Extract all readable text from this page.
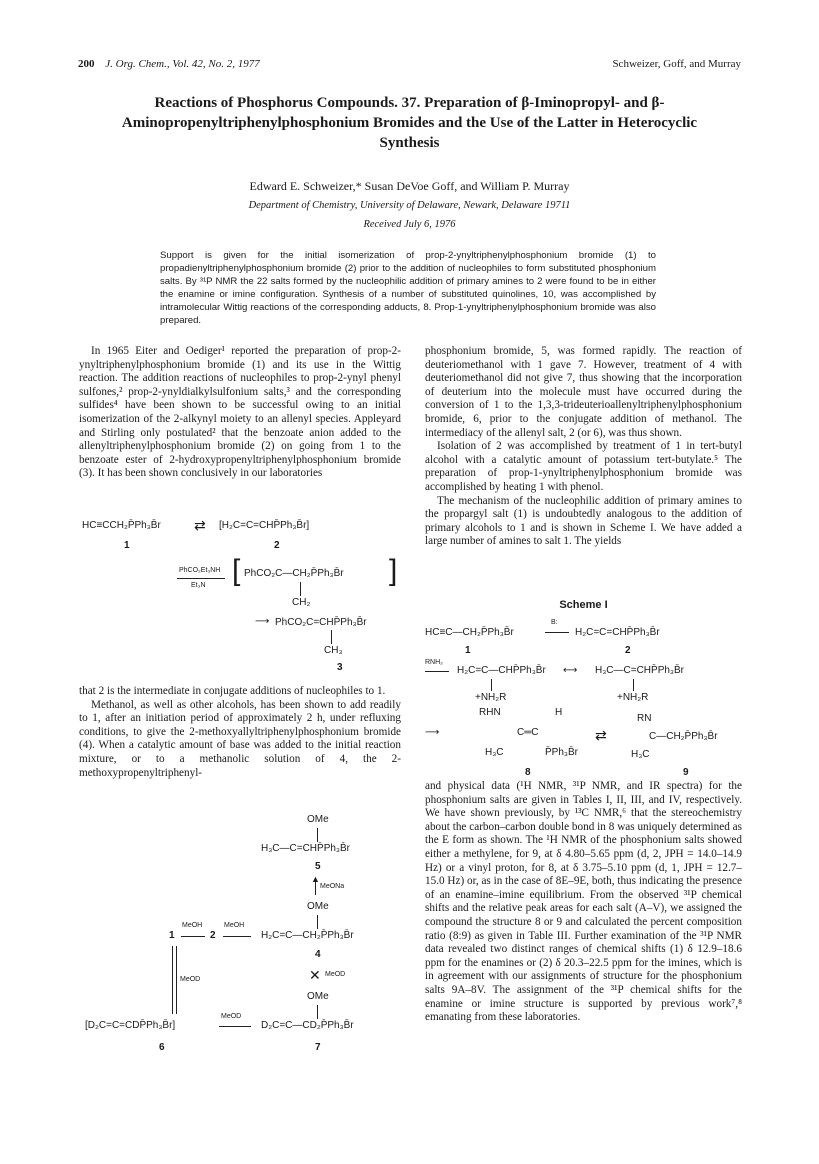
200 J. Org. Chem., Vol. 42, No. 2, 1977	Schweizer, Goff, and Murray
Reactions of Phosphorus Compounds. 37. Preparation of β-Iminopropyl- and β-Aminopropenyltriphenylphosphonium Bromides and the Use of the Latter in Heterocyclic Synthesis
Edward E. Schweizer,* Susan DeVoe Goff, and William P. Murray
Department of Chemistry, University of Delaware, Newark, Delaware 19711
Received July 6, 1976
Support is given for the initial isomerization of prop-2-ynyltriphenylphosphonium bromide (1) to propadienyltriphenylphosphonium bromide (2) prior to the addition of nucleophiles to form substituted phosphonium salts. By ³¹P NMR the 22 salts formed by the nucleophilic addition of primary amines to 2 were found to be in either the enamine or imine configuration. Synthesis of a number of substituted quinolines, 10, was accomplished by intramolecular Wittig reactions of the corresponding adducts, 8. Prop-1-ynyltriphenylphosphonium bromide was also prepared.

In 1965 Eiter and Oediger¹ reported the preparation of prop-2-ynyltriphenylphosphonium bromide (1) and its use in the Wittig reaction. The addition reactions of nucleophiles to prop-2-ynyl phenyl sulfones,² prop-2-ynyldialkylsulfonium salts,³ and the corresponding sulfides⁴ have been shown to be successful owing to an initial isomerization of the 2-alkynyl moiety to an allenyl species. Appleyard and Stirling only postulated² that the benzoate anion added to the allenyltriphenylphosphonium bromide (2) on going from 1 to the benzoate ester of 2-hydroxypropenyltriphenylphosphonium bromide (3). It has been shown conclusively in our laboratories

HC≡CCH₂P̄Ph₃B̄r ⇄ [H₂C=C=CHP̄Ph₃B̄r]
1	2
PhCO₂Et₃NH
Et₃N [ PhCO₂C—CH₂P̄Ph₃B̄r
CH₂
]
⟶ PhCO₂C=CHP̄Ph₃B̄r
CH₃
3

that 2 is the intermediate in conjugate additions of nucleophiles to 1.

Methanol, as well as other alcohols, has been shown to add readily to 1, after an initiation period of approximately 2 h, under refluxing conditions, to give the 2-methoxyallyltriphenylphosphonium bromide (4). When a catalytic amount of base was added to the initial reaction mixture, or to a methanolic solution of 4, the 2-methoxypropenyltriphenyl-

OMe
H₃C—C=CHP̄Ph₃B̄r
5
▲
MeONa
OMe
1
MeOH
2
MeOH
H₂C=C—CH₂P̄Ph₃B̄r
4
✕ MeOD
OMe
MeOD
[D₂C=C=CDP̄Ph₃B̄r]
MeOD
D₂C=C—CD₂P̄Ph₃B̄r
6	7

phosphonium bromide, 5, was formed rapidly. The reaction of deuteriomethanol with 1 gave 7. However, treatment of 4 with deuteriomethanol did not give 7, thus showing that the incorporation of deuterium into the molecule must have occurred during the conversion of 1 to the 1,3,3-trideuterioallenyltriphenylphosphonium bromide, 6, prior to the conjugate addition of methanol. The intermediacy of the allenyl salt, 2 (or 6), was thus shown.

Isolation of 2 was accomplished by treatment of 1 in tert-butyl alcohol with a catalytic amount of potassium tert-butylate.⁵ The preparation of prop-1-ynyltriphenylphosphonium bromide was accomplished by heating 1 with phenol.

The mechanism of the nucleophilic addition of primary amines to the propargyl salt (1) is undoubtedly analogous to the addition of primary alcohols to 1 and is shown in Scheme I. We have added a large number of amines to salt 1. The yields

Scheme I
HC≡C—CH₂P̄Ph₃B̄r
B:
H₂C=C=CHP̄Ph₃B̄r
1	2
RNH₂
H₂C=C—CHP̄Ph₃B̄r ⟷ H₃C—C=CHP̄Ph₃B̄r
+NH₂R	+NH₂R
⟶
RHN	H
C═C
H₃C	P̄Ph₃B̄r
⇄
RN
C—CH₂P̄Ph₃B̄r
H₃C
8	9

and physical data (¹H NMR, ³¹P NMR, and IR spectra) for the phosphonium salts are given in Tables I, II, III, and IV, respectively. We have shown previously, by ¹³C NMR,⁶ that the stereochemistry about the carbon–carbon double bond in 8 was uniquely determined as the E form as shown. The ¹H NMR of the phosphonium salts showed either a methylene, for 9, at δ 4.80–5.65 ppm (d, 2, JPH = 14.0–14.9 Hz) or a vinyl proton, for 8, at δ 3.75–5.10 ppm (d, 1, JPH = 12.7–15.0 Hz) or, as in the case of 8E–9E, both, thus indicating the presence of an enamine–imine equilibrium. From the observed ³¹P chemical shifts and the relative peak areas for each salt (A–V), we assigned the compound the structure 8 or 9 and calculated the percent composition ratio (8:9) as given in Table III. Further examination of the ³¹P NMR data revealed two distinct ranges of chemical shifts (1) δ 12.9–18.6 ppm for the enamines or (2) δ 20.3–22.5 ppm for the imines, which is in agreement with our assignments of structure for the phosphonium salts 9A–8V. The assignment of the ³¹P chemical shifts for the enamine or imine structure is supported by previous work⁷,⁸ emanating from these laboratories.
